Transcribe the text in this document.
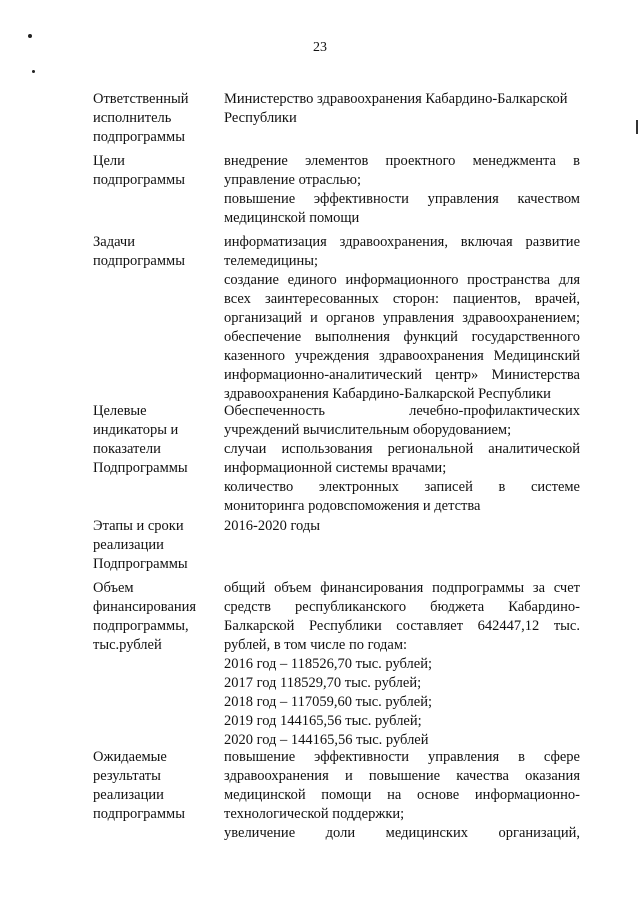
23
Ответственный
исполнитель
подпрограммы
Министерство здравоохранения Кабардино-Балкарской
Республики
Цели
подпрограммы
внедрение элементов проектного менеджмента в
управление отраслью;
повышение эффективности управления качеством
медицинской помощи
Задачи
подпрограммы
информатизация здравоохранения, включая развитие
телемедицины;
создание единого информационного пространства для
всех заинтересованных сторон: пациентов, врачей,
организаций и органов управления здравоохранением;
обеспечение выполнения функций государственного
казенного учреждения здравоохранения Медицинский
информационно-аналитический центр» Министерства
здравоохранения Кабардино-Балкарской Республики
Целевые
индикаторы и
показатели
Подпрограммы
Обеспеченность лечебно-профилактических
учреждений вычислительным оборудованием;
случаи использования региональной аналитической
информационной системы врачами;
количество электронных записей в системе
мониторинга родовспоможения и детства
Этапы и сроки
реализации
Подпрограммы
2016-2020 годы
Объем
финансирования
подпрограммы,
тыс.рублей
общий объем финансирования подпрограммы за счет
средств республиканского бюджета Кабардино-
Балкарской Республики составляет 642447,12 тыс.
рублей, в том числе по годам:
2016 год – 118526,70 тыс. рублей;
2017 год 118529,70 тыс. рублей;
2018 год – 117059,60 тыс. рублей;
2019 год 144165,56 тыс. рублей;
2020 год – 144165,56 тыс. рублей
Ожидаемые
результаты
реализации
подпрограммы
повышение эффективности управления в сфере
здравоохранения и повышение качества оказания
медицинской помощи на основе информационно-
технологической поддержки;
увеличение доли медицинских организаций,
